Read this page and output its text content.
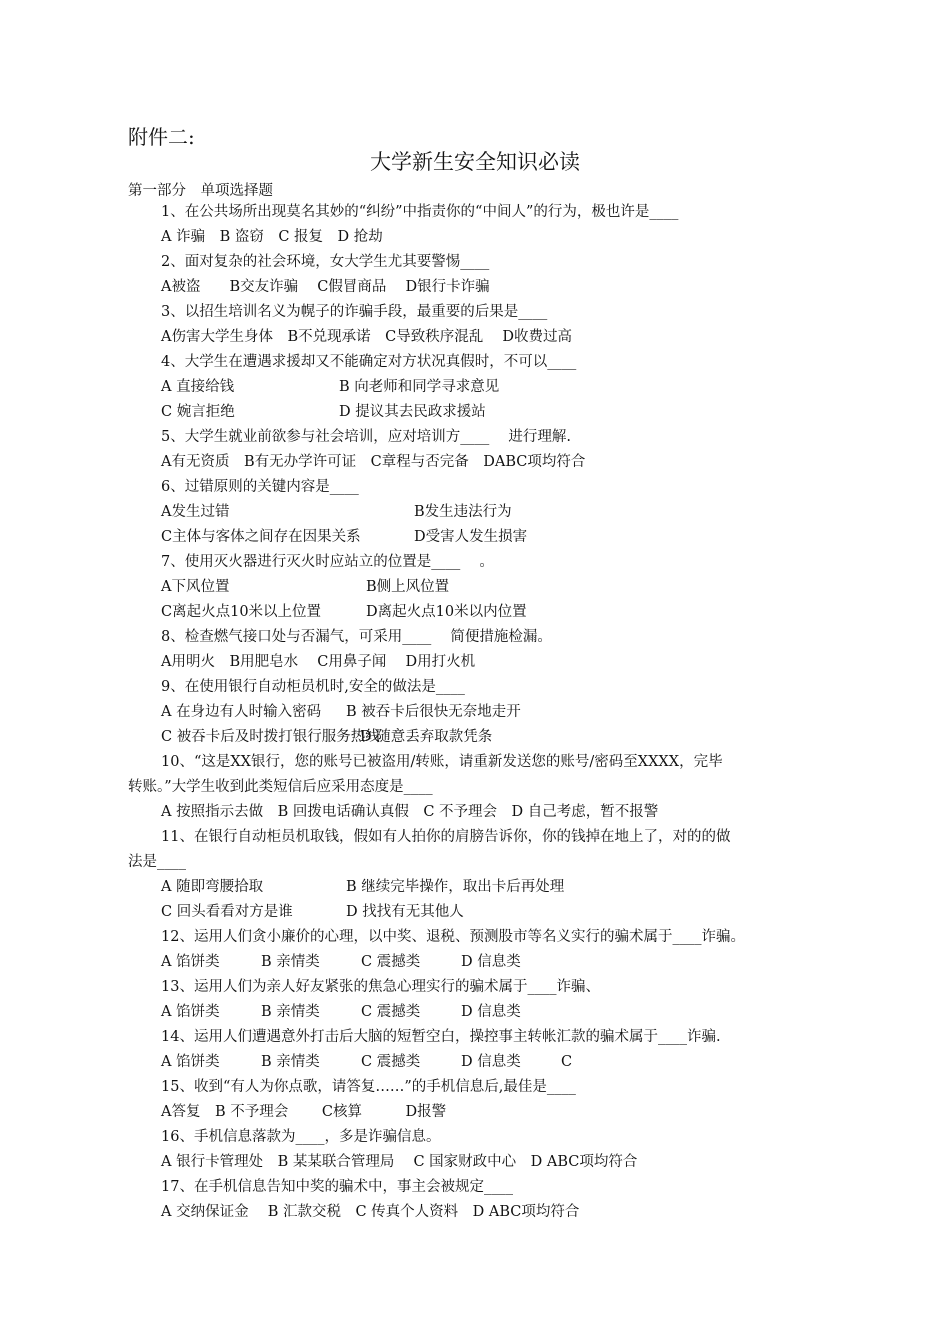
附件二:
大学新生安全知识必读
第一部分　单项选择题
1、在公共场所出现莫名其妙的“纠纷”中指责你的“中间人”的行为，极也许是____
A 诈骗　B 盗窃　C 报复　D 抢劫
2、面对复杂的社会环境，女大学生尤其要警惕____
A被盗　　B交友诈骗　 C假冒商品　 D银行卡诈骗
3、以招生培训名义为幌子的诈骗手段，最重要的后果是____
A伤害大学生身体　B不兑现承诺　C导致秩序混乱　 D收费过高
4、大学生在遭遇求援却又不能确定对方状况真假时，不可以____
A 直接给钱	B 向老师和同学寻求意见
C 婉言拒绝	D 提议其去民政求援站
5、大学生就业前欲参与社会培训，应对培训方____　 进行理解.
A有无资质　B有无办学许可证　C章程与否完备　DABC项均符合
6、过错原则的关键内容是____
A发生过错	B发生违法行为
C主体与客体之间存在因果关系	D受害人发生损害
7、使用灭火器进行灭火时应站立的位置是____　 。
A下风位置	B侧上风位置
C离起火点10米以上位置	D离起火点10米以内位置
8、检查燃气接口处与否漏气，可采用____　 简便措施检漏。
A用明火　B用肥皂水　 C用鼻子闻　 D用打火机
9、在使用银行自动柜员机时,安全的做法是____
A 在身边有人时输入密码 B 被吞卡后很快无奈地走开
C 被吞卡后及时拨打银行服务热线D 随意丢弃取款凭条
10、“这是XX银行，您的账号已被盗用/转账，请重新发送您的账号/密码至XXXX，完毕
转账。”大学生收到此类短信后应采用态度是____
A 按照指示去做　B 回拨电话确认真假　C 不予理会　D 自己考虑，暂不报警
11、在银行自动柜员机取钱，假如有人拍你的肩膀告诉你，你的钱掉在地上了，对的的做
法是____
A 随即弯腰拾取	B 继续完毕操作，取出卡后再处理
C 回头看看对方是谁	D 找找有无其他人
12、运用人们贪小廉价的心理，以中奖、退税、预测股市等名义实行的骗术属于____诈骗。
A 馅饼类	B 亲情类	C 震撼类	D 信息类
13、运用人们为亲人好友紧张的焦急心理实行的骗术属于____诈骗、
A 馅饼类	B 亲情类	C 震撼类	D 信息类
14、运用人们遭遇意外打击后大脑的短暂空白，操控事主转帐汇款的骗术属于____诈骗.
A 馅饼类	B 亲情类	C 震撼类	D 信息类	C
15、收到“有人为你点歌，请答复……”的手机信息后,最佳是____
A答复　B 不予理会　　 C核算　　　D报警
16、手机信息落款为____，多是诈骗信息。
A 银行卡管理处　B 某某联合管理局　 C 国家财政中心　D ABC项均符合
17、在手机信息告知中奖的骗术中，事主会被规定____
A 交纳保证金　 B 汇款交税　C 传真个人资料　D ABC项均符合
